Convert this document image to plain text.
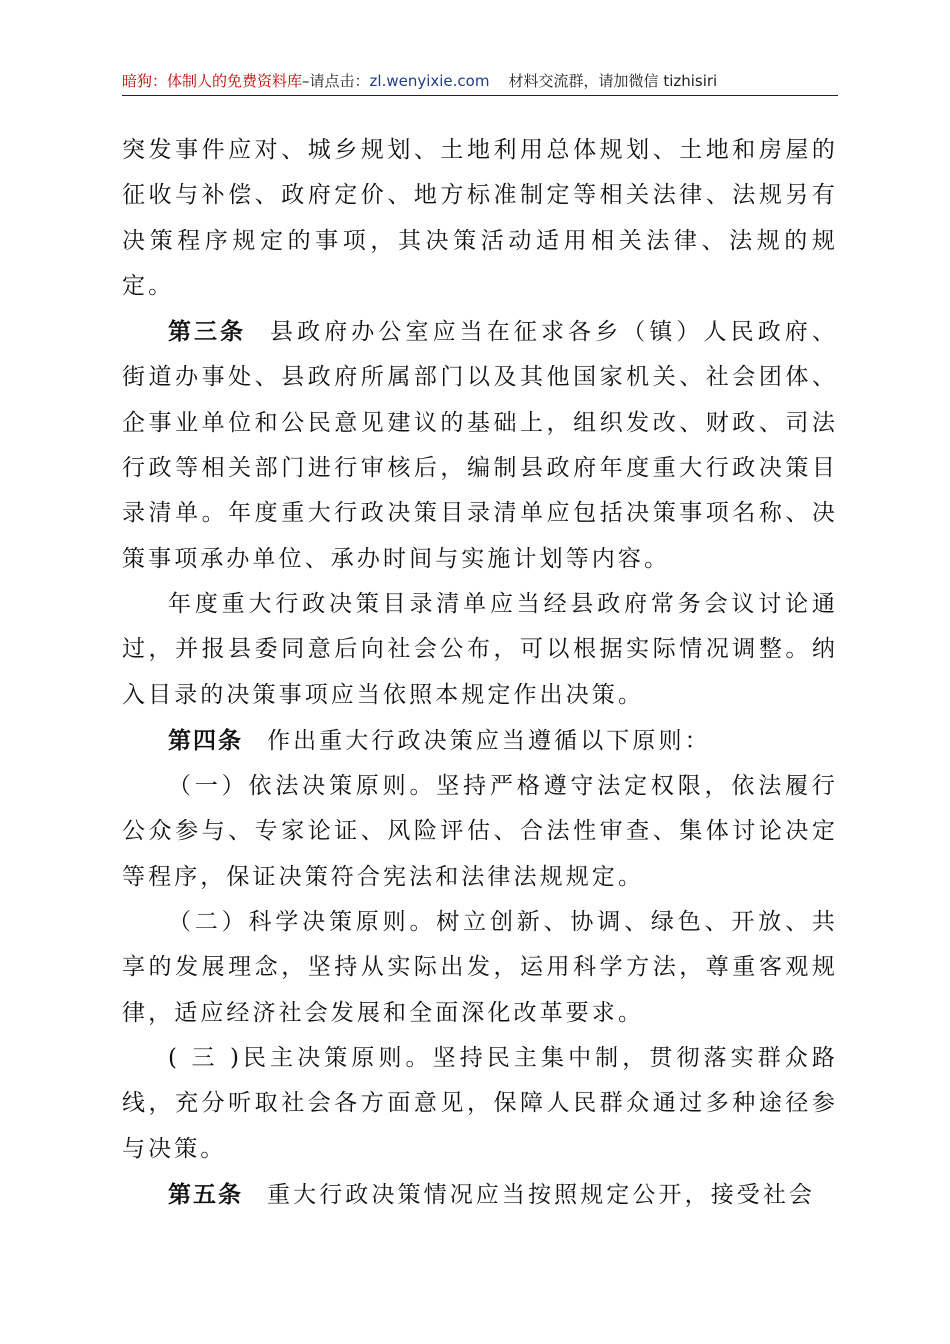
暗狗：体制人的免费资料库–请点击：zl.wenyixie.com 材料交流群，请加微信 tizhisiri

突发事件应对、城乡规划、土地利用总体规划、土地和房屋的征收与补偿、政府定价、地方标准制定等相关法律、法规另有决策程序规定的事项，其决策活动适用相关法律、法规的规定。

第三条 县政府办公室应当在征求各乡（镇）人民政府、街道办事处、县政府所属部门以及其他国家机关、社会团体、企事业单位和公民意见建议的基础上，组织发改、财政、司法行政等相关部门进行审核后，编制县政府年度重大行政决策目录清单。年度重大行政决策目录清单应包括决策事项名称、决策事项承办单位、承办时间与实施计划等内容。

年度重大行政决策目录清单应当经县政府常务会议讨论通过，并报县委同意后向社会公布，可以根据实际情况调整。纳入目录的决策事项应当依照本规定作出决策。

第四条 作出重大行政决策应当遵循以下原则：

（一）依法决策原则。坚持严格遵守法定权限，依法履行公众参与、专家论证、风险评估、合法性审查、集体讨论决定等程序，保证决策符合宪法和法律法规规定。

（二）科学决策原则。树立创新、协调、绿色、开放、共享的发展理念，坚持从实际出发，运用科学方法，尊重客观规律，适应经济社会发展和全面深化改革要求。

( 三 )民主决策原则。坚持民主集中制，贯彻落实群众路线，充分听取社会各方面意见，保障人民群众通过多种途径参与决策。

第五条 重大行政决策情况应当按照规定公开，接受社会
